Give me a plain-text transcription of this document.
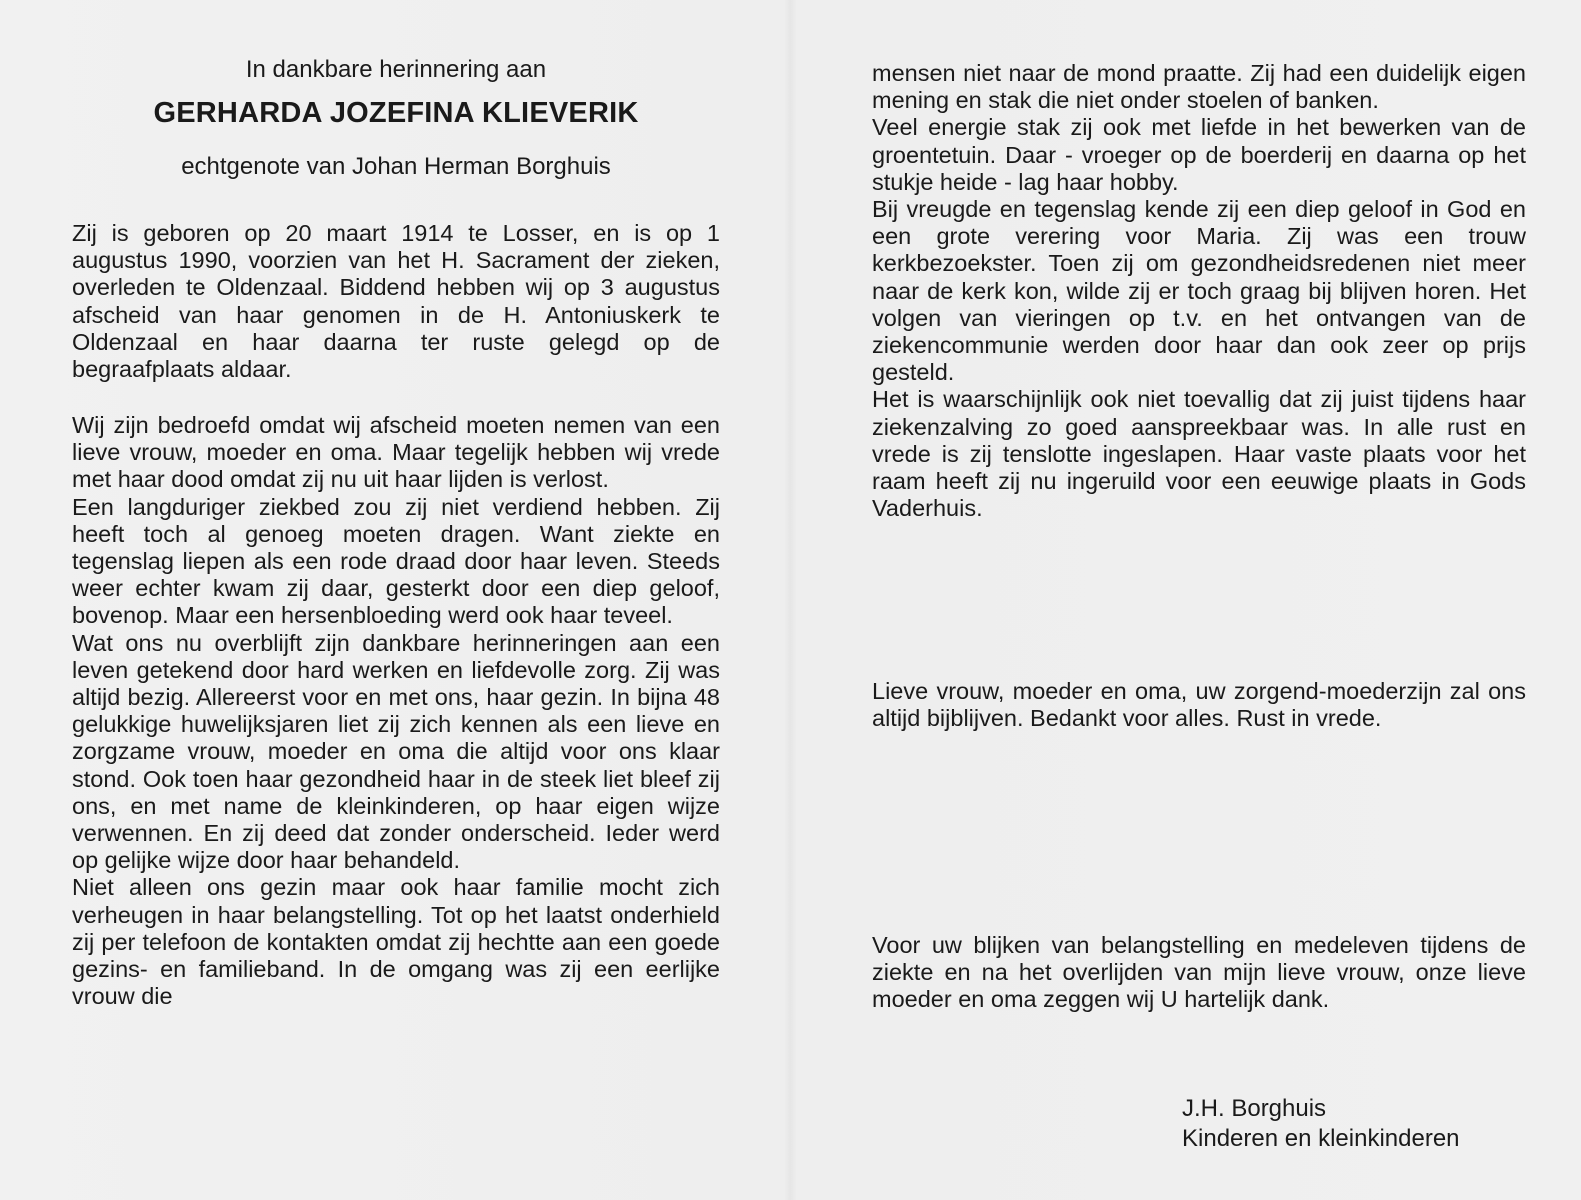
In dankbare herinnering aan
GERHARDA JOZEFINA KLIEVERIK
echtgenote van Johan Herman Borghuis

Zij is geboren op 20 maart 1914 te Losser, en is op 1 augustus 1990, voorzien van het H. Sacrament der zieken, overleden te Oldenzaal. Biddend hebben wij op 3 augustus afscheid van haar genomen in de H. Antoniuskerk te Oldenzaal en haar daarna ter ruste gelegd op de begraafplaats aldaar.

Wij zijn bedroefd omdat wij afscheid moeten nemen van een lieve vrouw, moeder en oma. Maar tegelijk hebben wij vrede met haar dood omdat zij nu uit haar lijden is verlost.

Een langduriger ziekbed zou zij niet verdiend hebben. Zij heeft toch al genoeg moeten dragen. Want ziekte en tegenslag liepen als een rode draad door haar leven. Steeds weer echter kwam zij daar, gesterkt door een diep geloof, bovenop. Maar een hersenbloeding werd ook haar teveel.

Wat ons nu overblijft zijn dankbare herinneringen aan een leven getekend door hard werken en liefdevolle zorg. Zij was altijd bezig. Allereerst voor en met ons, haar gezin. In bijna 48 gelukkige huwelijksjaren liet zij zich kennen als een lieve en zorgzame vrouw, moeder en oma die altijd voor ons klaar stond. Ook toen haar gezondheid haar in de steek liet bleef zij ons, en met name de kleinkinderen, op haar eigen wijze verwennen. En zij deed dat zonder onderscheid. Ieder werd op gelijke wijze door haar behandeld.

Niet alleen ons gezin maar ook haar familie mocht zich verheugen in haar belangstelling. Tot op het laatst onderhield zij per telefoon de kontakten omdat zij hechtte aan een goede gezins- en familieband. In de omgang was zij een eerlijke vrouw die

mensen niet naar de mond praatte. Zij had een duidelijk eigen mening en stak die niet onder stoelen of banken.

Veel energie stak zij ook met liefde in het bewerken van de groentetuin. Daar - vroeger op de boerderij en daarna op het stukje heide - lag haar hobby.

Bij vreugde en tegenslag kende zij een diep geloof in God en een grote verering voor Maria. Zij was een trouw kerkbezoekster. Toen zij om gezondheidsredenen niet meer naar de kerk kon, wilde zij er toch graag bij blijven horen. Het volgen van vieringen op t.v. en het ontvangen van de ziekencommunie werden door haar dan ook zeer op prijs gesteld.

Het is waarschijnlijk ook niet toevallig dat zij juist tijdens haar ziekenzalving zo goed aanspreekbaar was. In alle rust en vrede is zij tenslotte ingeslapen. Haar vaste plaats voor het raam heeft zij nu ingeruild voor een eeuwige plaats in Gods Vaderhuis.

Lieve vrouw, moeder en oma, uw zorgend-moederzijn zal ons altijd bijblijven. Bedankt voor alles. Rust in vrede.

Voor uw blijken van belangstelling en medeleven tijdens de ziekte en na het overlijden van mijn lieve vrouw, onze lieve moeder en oma zeggen wij U hartelijk dank.

J.H. Borghuis
Kinderen en kleinkinderen
